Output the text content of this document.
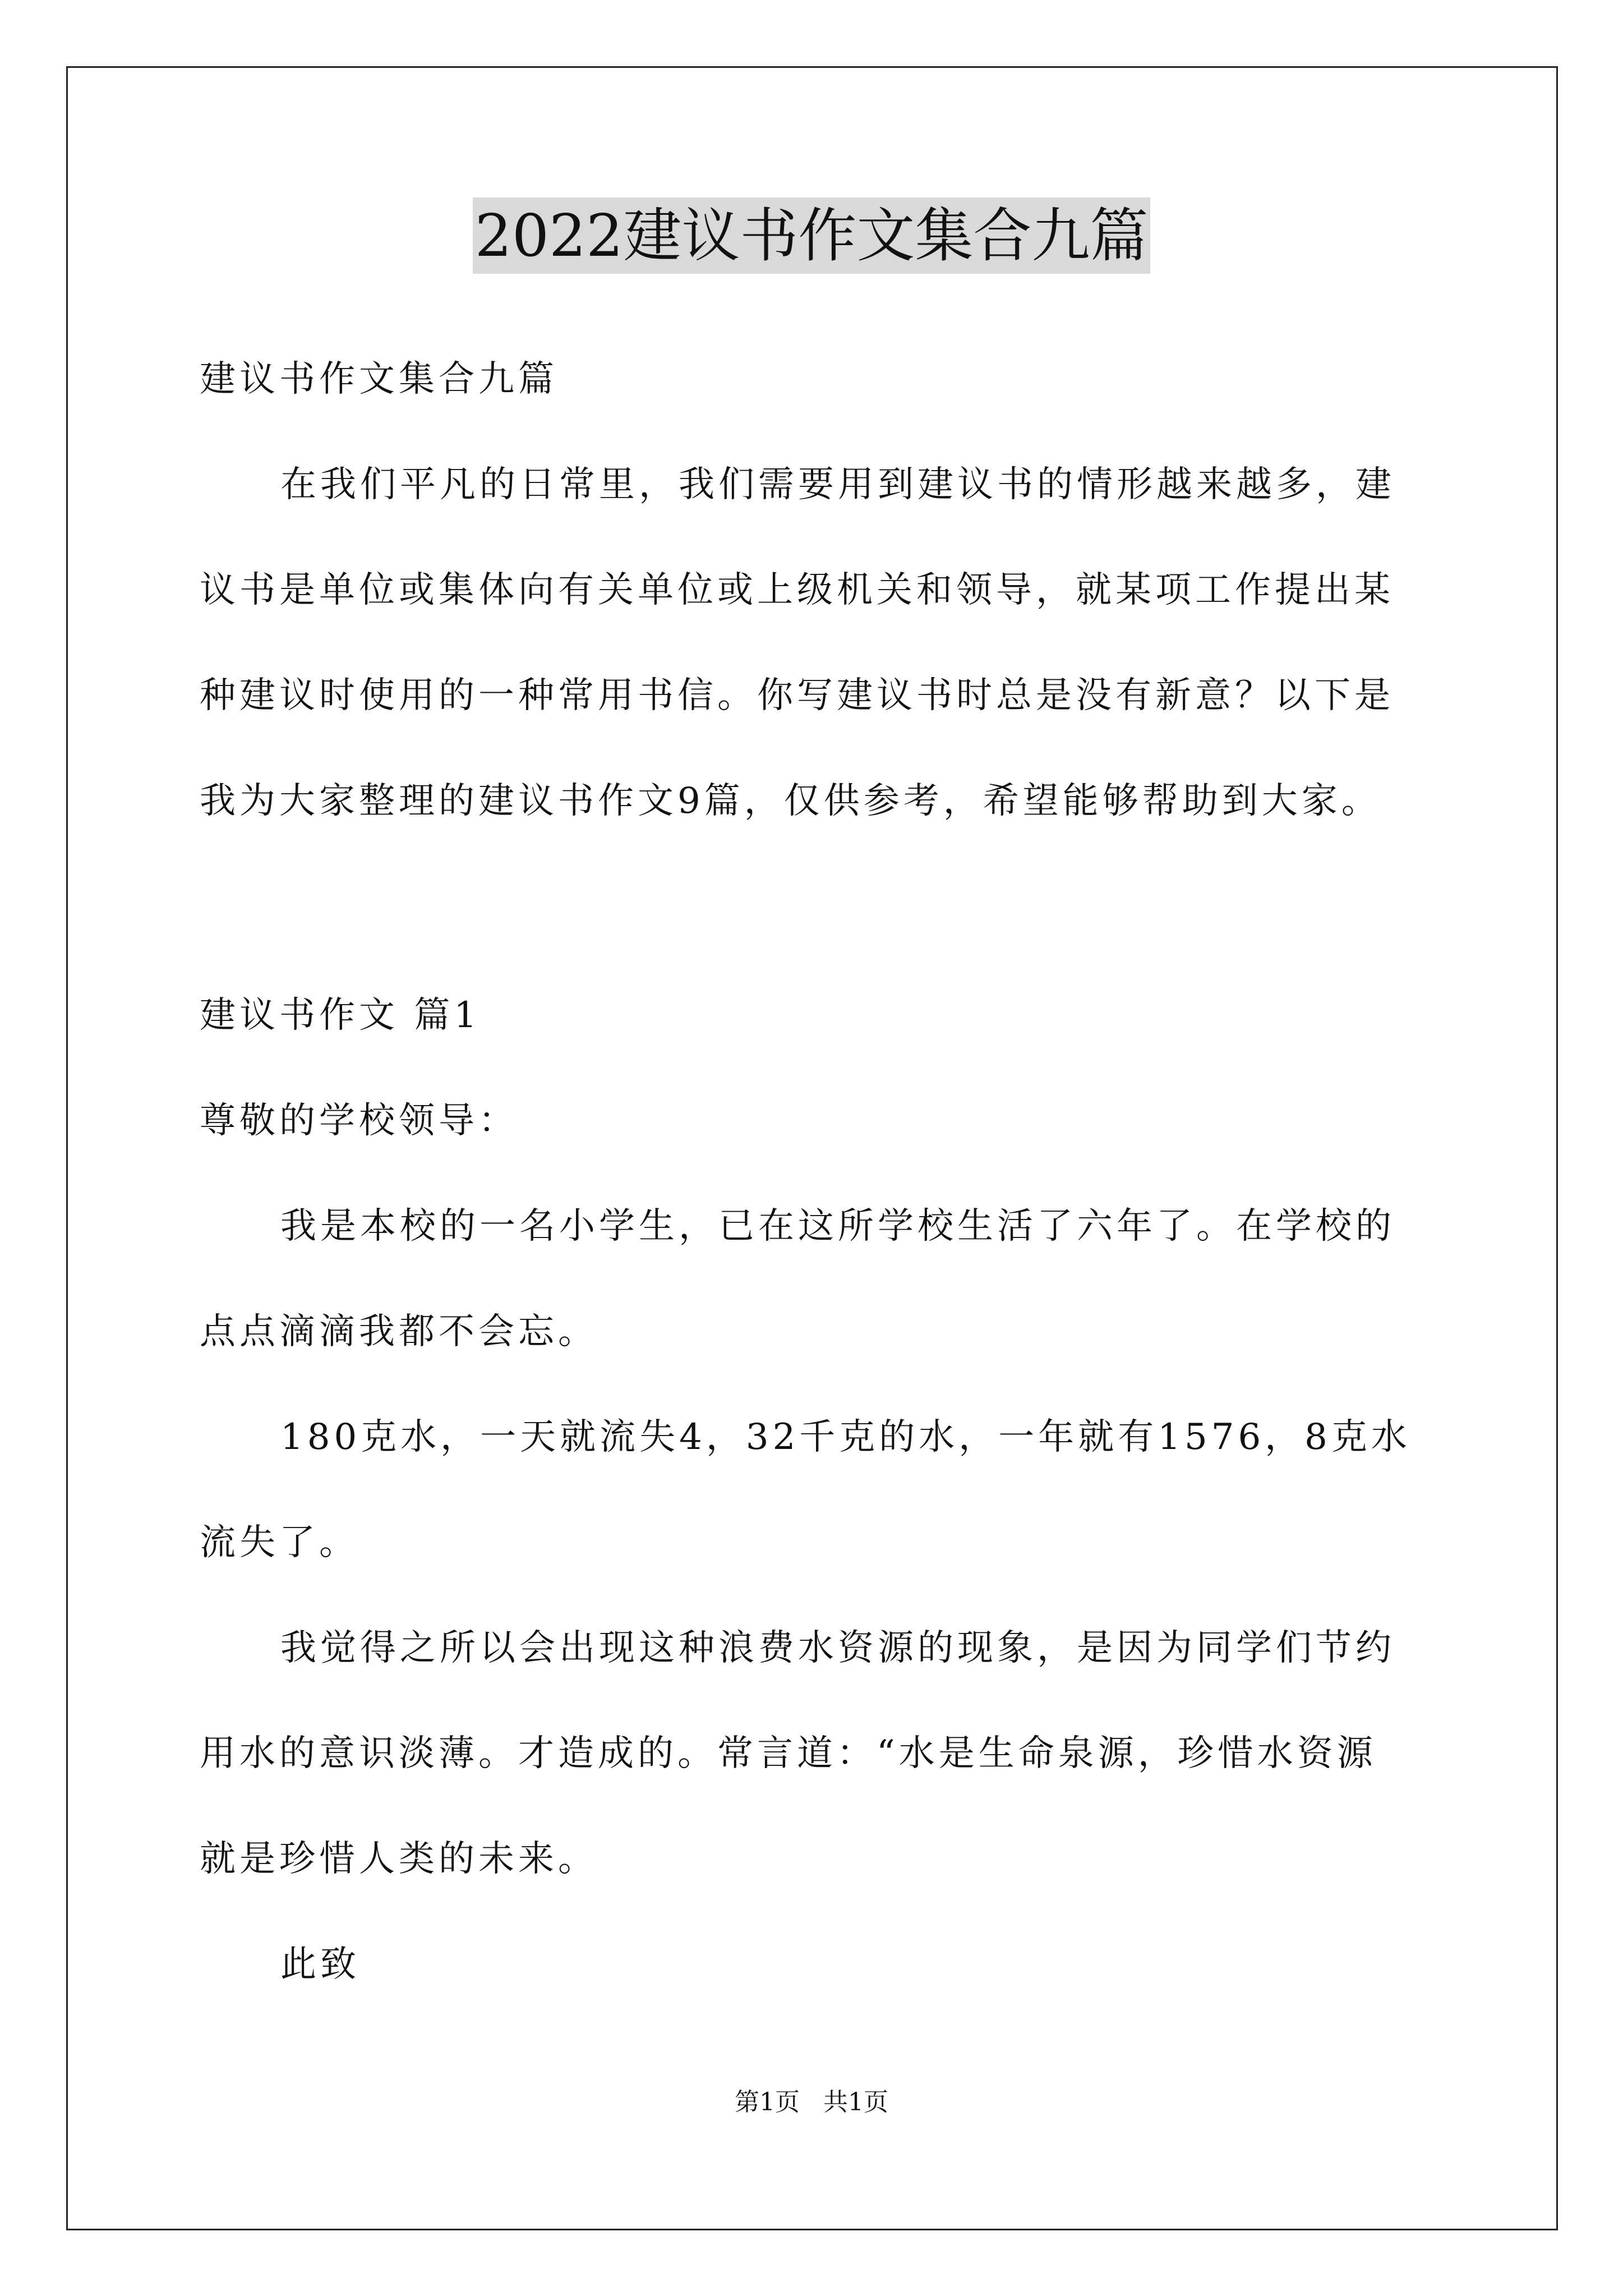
2022建议书作文集合九篇
建议书作文集合九篇
在我们平凡的日常里，我们需要用到建议书的情形越来越多，建
议书是单位或集体向有关单位或上级机关和领导，就某项工作提出某
种建议时使用的一种常用书信。你写建议书时总是没有新意？以下是
我为大家整理的建议书作文9篇，仅供参考，希望能够帮助到大家。
建议书作文 篇1
尊敬的学校领导：
我是本校的一名小学生，已在这所学校生活了六年了。在学校的
点点滴滴我都不会忘。
180克水，一天就流失4，32千克的水，一年就有1576，8克水
流失了。
我觉得之所以会出现这种浪费水资源的现象，是因为同学们节约
用水的意识淡薄。才造成的。常言道：“水是生命泉源，珍惜水资源
就是珍惜人类的未来。
此致
第1页   共1页
